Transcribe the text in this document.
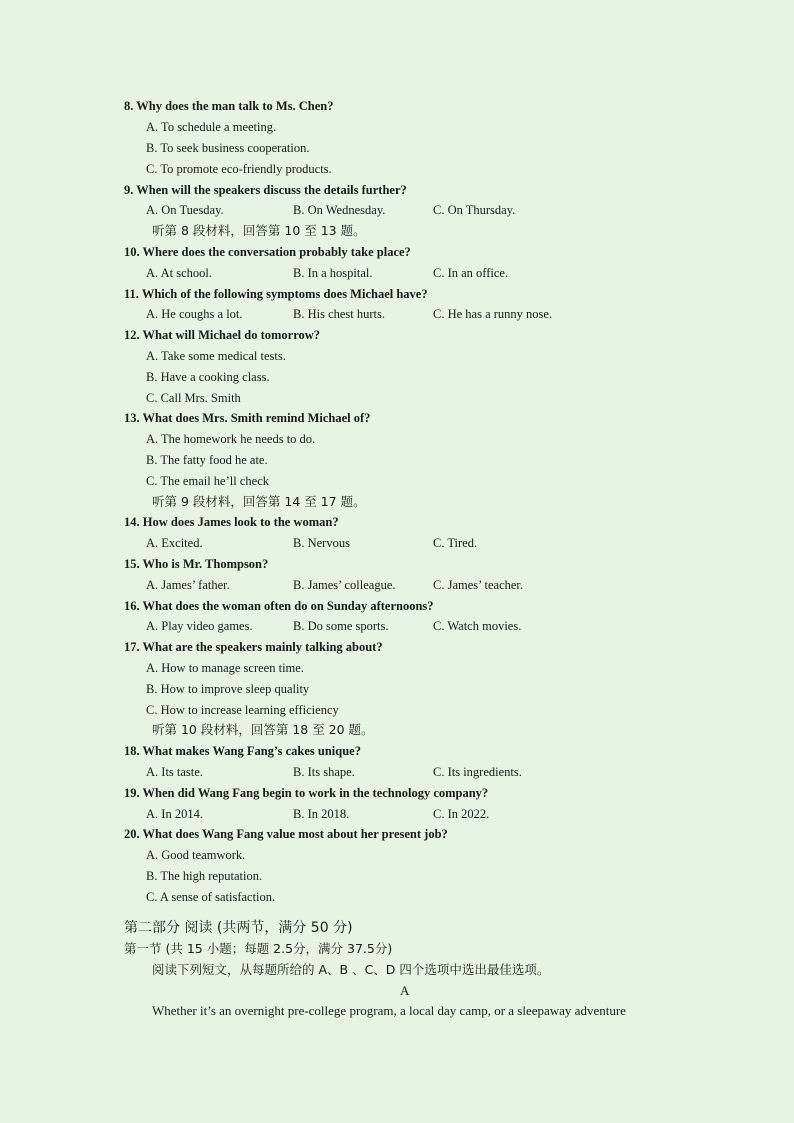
8. Why does the man talk to Ms. Chen?
A. To schedule a meeting.
B. To seek business cooperation.
C. To promote eco-friendly products.
9. When will the speakers discuss the details further?
A. On Tuesday.	B. On Wednesday.	C. On Thursday.
听第 8 段材料，回答第 10 至 13 题。
10. Where does the conversation probably take place?
A. At school.	B. In a hospital.	C. In an office.
11. Which of the following symptoms does Michael have?
A. He coughs a lot.	B. His chest hurts.	C. He has a runny nose.
12. What will Michael do tomorrow?
A. Take some medical tests.
B. Have a cooking class.
C. Call Mrs. Smith
13. What does Mrs. Smith remind Michael of?
A. The homework he needs to do.
B. The fatty food he ate.
C. The email he’ll check
听第 9 段材料，回答第 14 至 17 题。
14. How does James look to the woman?
A. Excited.	B. Nervous	C. Tired.
15. Who is Mr. Thompson?
A. James’ father.	B. James’ colleague.	C. James’ teacher.
16. What does the woman often do on Sunday afternoons?
A. Play video games.	B. Do some sports.	C. Watch movies.
17. What are the speakers mainly talking about?
A. How to manage screen time.
B. How to improve sleep quality
C. How to increase learning efficiency
听第 10 段材料，回答第 18 至 20 题。
18. What makes Wang Fang’s cakes unique?
A. Its taste.	B. Its shape.	C. Its ingredients.
19. When did Wang Fang begin to work in the technology company?
A. In 2014.	B. In 2018.	C. In 2022.
20. What does Wang Fang value most about her present job?
A. Good teamwork.
B. The high reputation.
C. A sense of satisfaction.
第二部分 阅读 (共两节，满分 50 分)
第一节 (共 15 小题；每题 2.5分，满分 37.5分)
阅读下列短文，从每题所给的 A、B 、C、D 四个选项中选出最佳选项。
A
Whether it’s an overnight pre-college program, a local day camp, or a sleepaway adventure
